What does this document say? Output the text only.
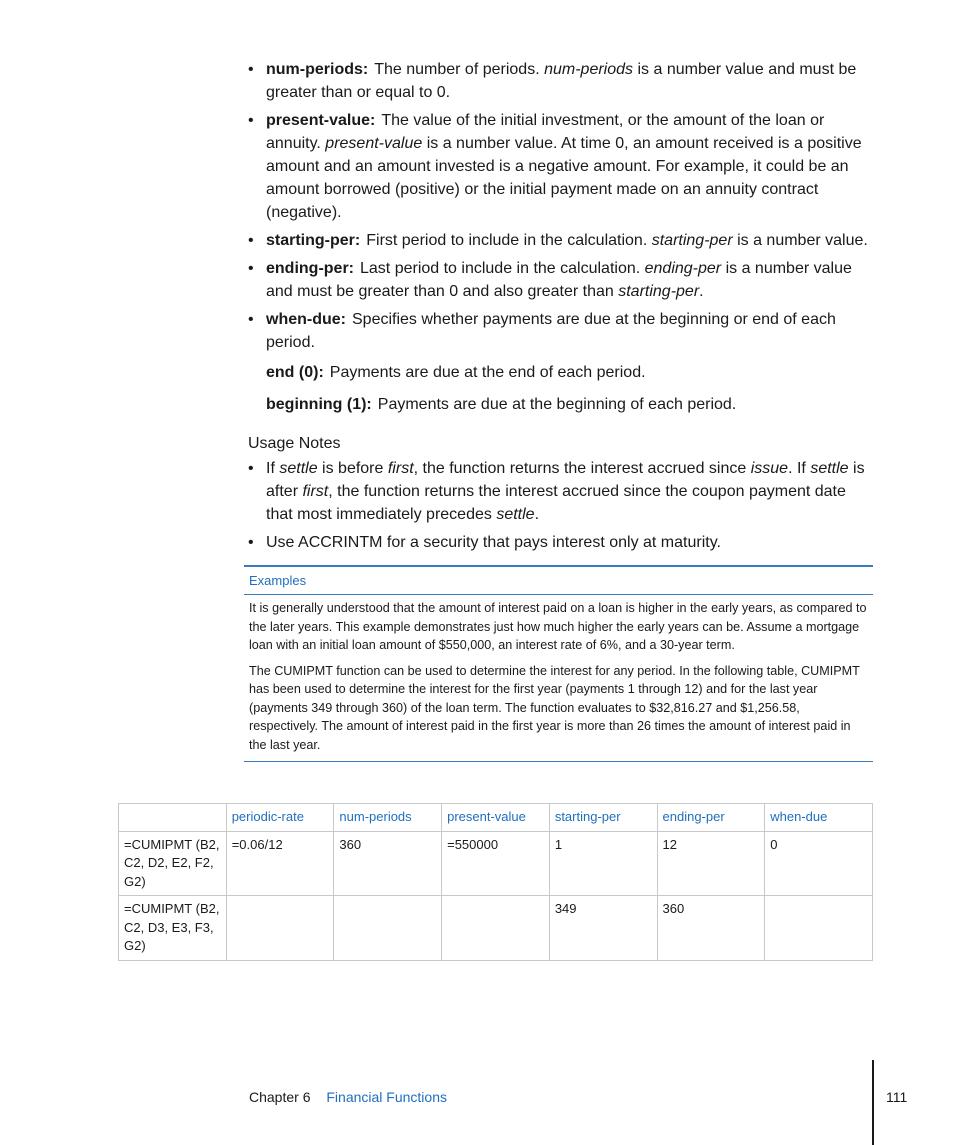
• num-periods: The number of periods. num-periods is a number value and must be greater than or equal to 0.
• present-value: The value of the initial investment, or the amount of the loan or annuity. present-value is a number value. At time 0, an amount received is a positive amount and an amount invested is a negative amount. For example, it could be an amount borrowed (positive) or the initial payment made on an annuity contract (negative).
• starting-per: First period to include in the calculation. starting-per is a number value.
• ending-per: Last period to include in the calculation. ending-per is a number value and must be greater than 0 and also greater than starting-per.
• when-due: Specifies whether payments are due at the beginning or end of each period.
end (0): Payments are due at the end of each period.
beginning (1): Payments are due at the beginning of each period.
Usage Notes
• If settle is before first, the function returns the interest accrued since issue. If settle is after first, the function returns the interest accrued since the coupon payment date that most immediately precedes settle.
• Use ACCRINTM for a security that pays interest only at maturity.
Examples

It is generally understood that the amount of interest paid on a loan is higher in the early years, as compared to the later years. This example demonstrates just how much higher the early years can be. Assume a mortgage loan with an initial loan amount of $550,000, an interest rate of 6%, and a 30-year term.

The CUMIPMT function can be used to determine the interest for any period. In the following table, CUMIPMT has been used to determine the interest for the first year (payments 1 through 12) and for the last year (payments 349 through 360) of the loan term. The function evaluates to $32,816.27 and $1,256.58, respectively. The amount of interest paid in the first year is more than 26 times the amount of interest paid in the last year.

	periodic-rate	num-periods	present-value	starting-per	ending-per	when-due
=CUMIPMT (B2, C2, D2, E2, F2, G2)	=0.06/12	360	=550000	1	12	0
=CUMIPMT (B2, C2, D3, E3, F3, G2)				349	360	
Chapter 6 Financial Functions	111
